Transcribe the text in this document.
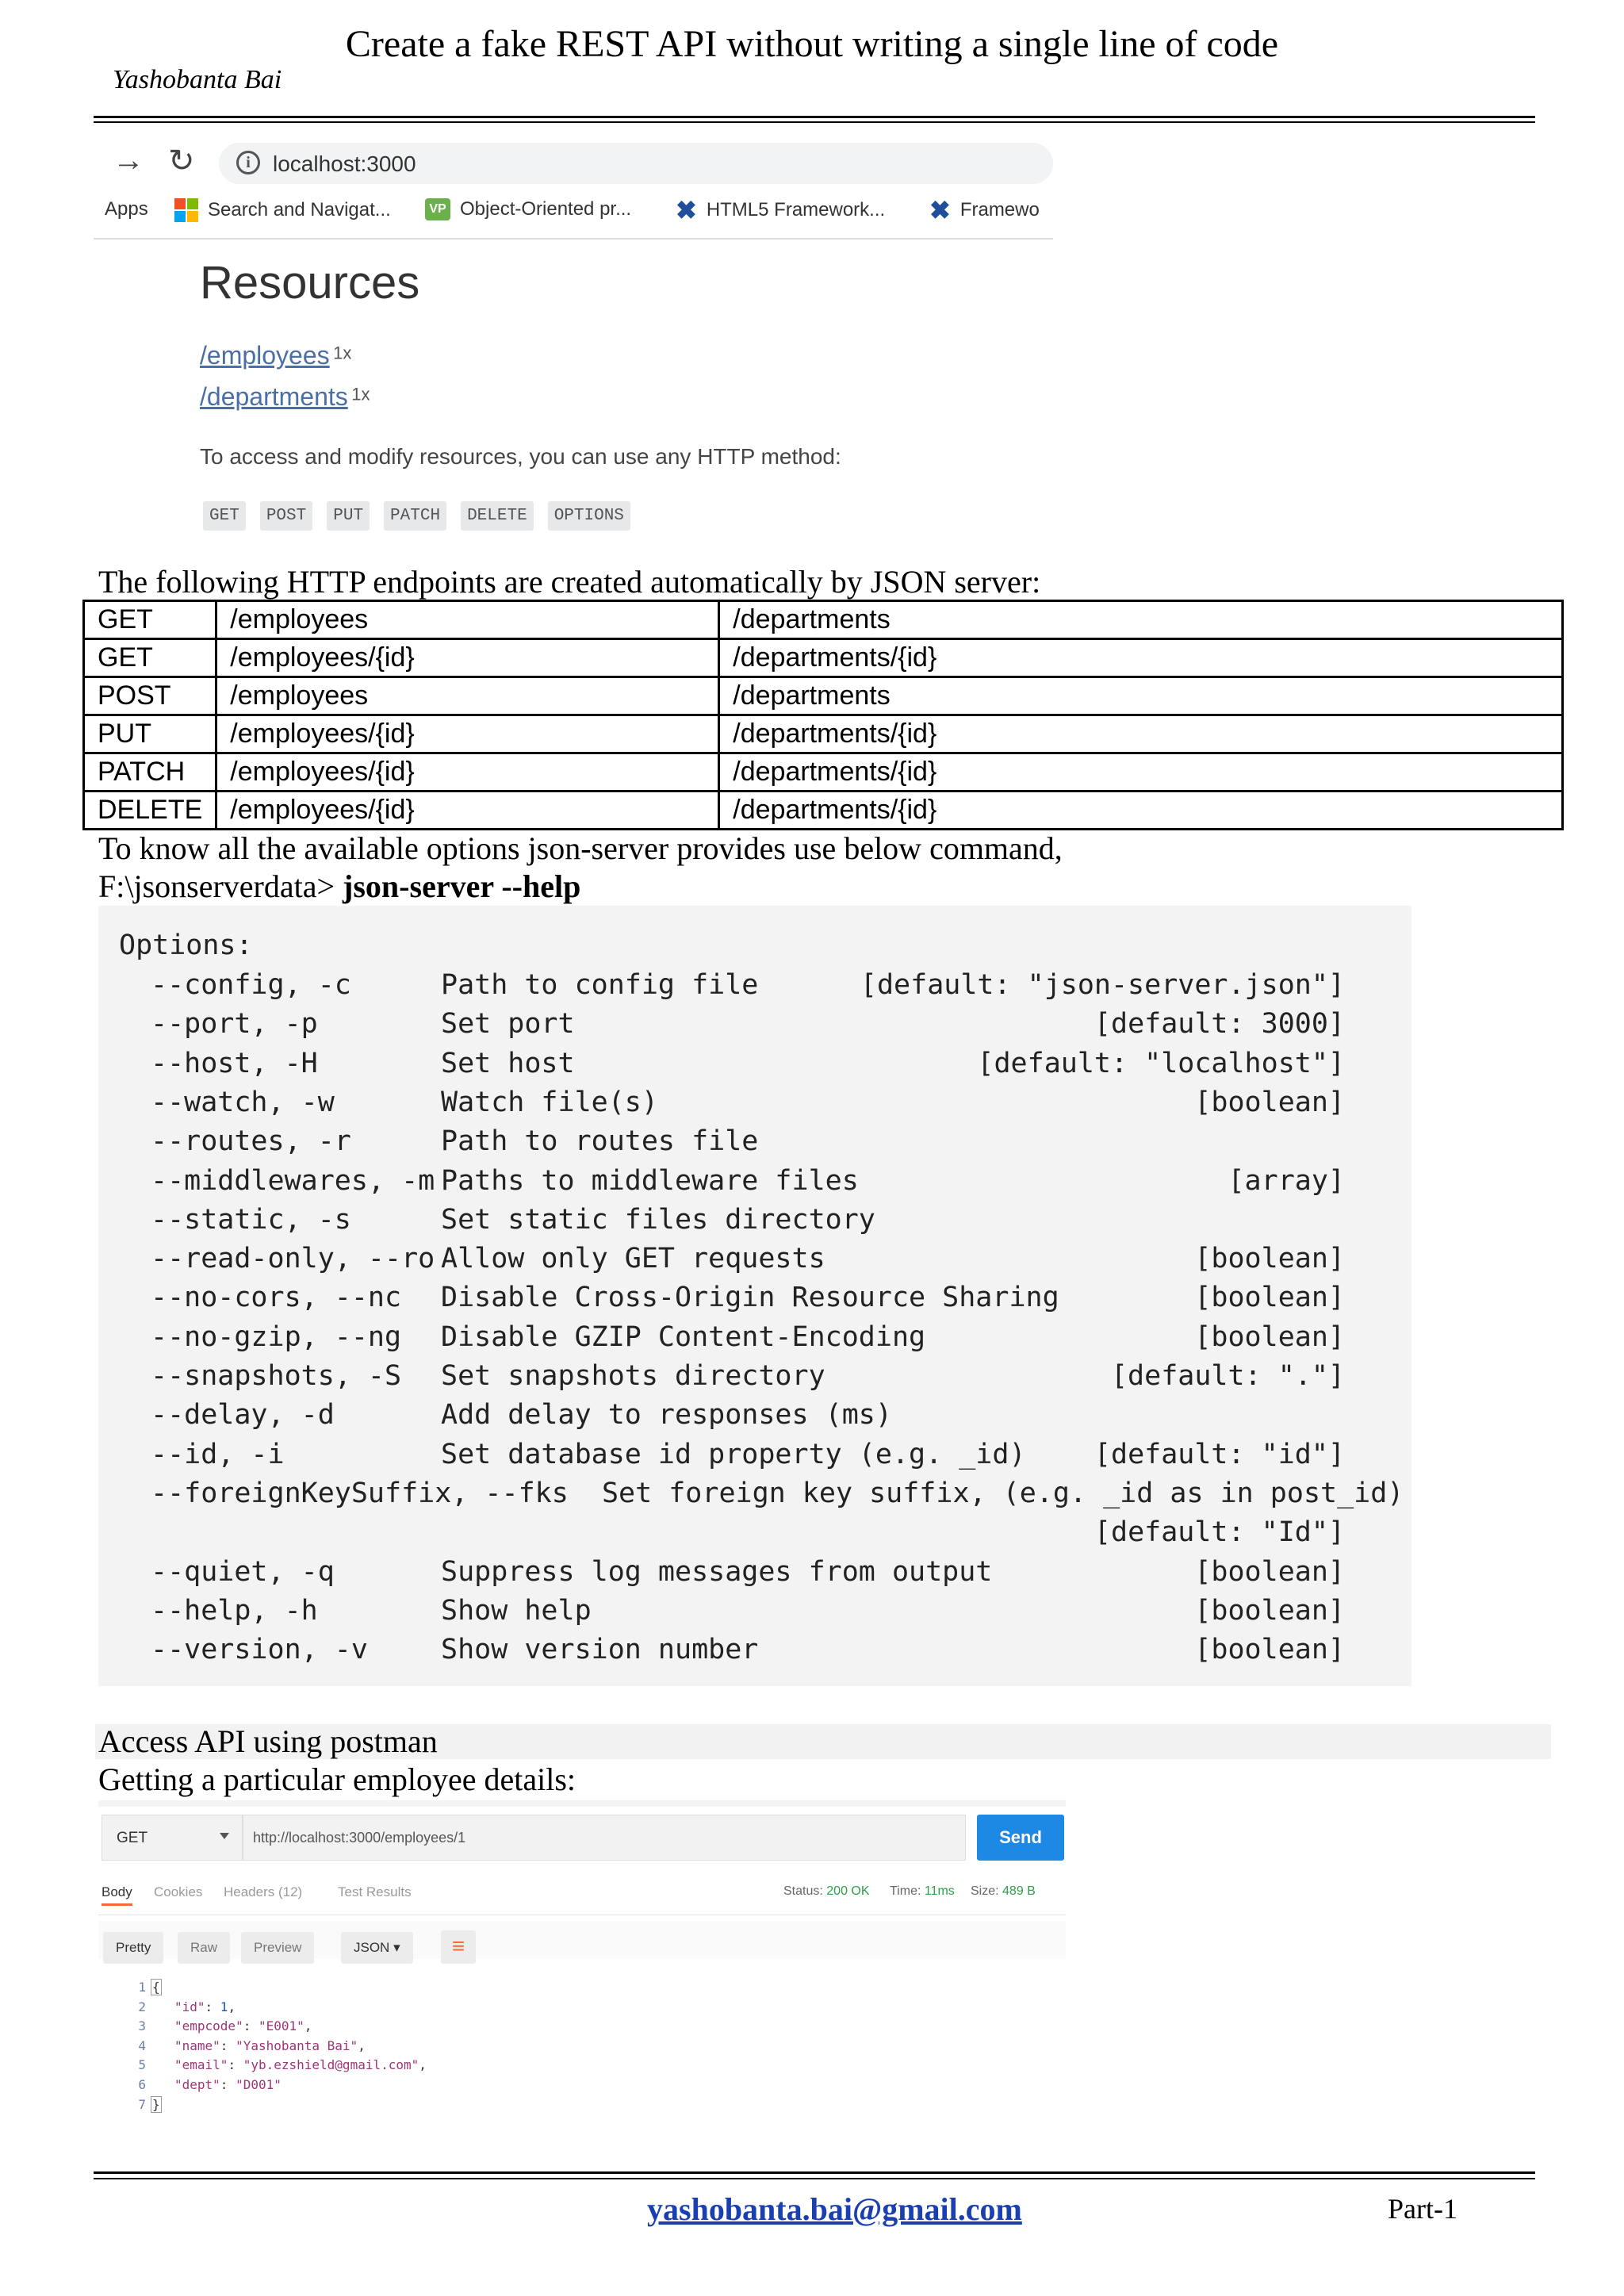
Create a fake REST API without writing a single line of code
Yashobanta Bai
→ ↻	i	localhost:3000
Apps	Search and Navigat...	VP Object-Oriented pr... ✖ HTML5 Framework... ✖ Framewo
Resources
/employees $^{1x}$
/departments $^{1x}$
To access and modify resources, you can use any HTTP method:
GET	POST	PUT	PATCH	DELETE	OPTIONS
The following HTTP endpoints are created automatically by JSON server:
GET	/employees	/departments
GET	/employees/{id}	/departments/{id}
POST	/employees	/departments
PUT	/employees/{id}	/departments/{id}
PATCH	/employees/{id}	/departments/{id}
DELETE	/employees/{id}	/departments/{id}
To know all the available options json-server provides use below command,
F:\jsonserverdata> json-server --help
Options:
--config, -c	Path to config file	[default: "json-server.json"]
--port, -p	Set port	[default: 3000]
--host, -H	Set host	[default: "localhost"]
--watch, -w	Watch file(s)	[boolean]
--routes, -r	Path to routes file
--middlewares, -m Paths to middleware files	[array]
--static, -s	Set static files directory
--read-only, --ro Allow only GET requests	[boolean]
--no-cors, --nc Disable Cross-Origin Resource Sharing	[boolean]
--no-gzip, --ng Disable GZIP Content-Encoding	[boolean]
--snapshots, -S Set snapshots directory	[default: "."]
--delay, -d	Add delay to responses (ms)
--id, -i	Set database id property (e.g. _id) [default: "id"]
--foreignKeySuffix, --fks  Set foreign key suffix, (e.g. _id as in post_id)
[default: "Id"]
--quiet, -q	Suppress log messages from output	[boolean]
--help, -h	Show help	[boolean]
--version, -v	Show version number	[boolean]
Access API using postman
Getting a particular employee details:
GET	http://localhost:3000/employees/1	Send
Body Cookies Headers (12)	Test Results	Status: 200 OK Time: 11ms Size: 489 B
Pretty	Raw	Preview	JSON ▾	≡
1 {
2 "id": 1,
3 "empcode": "E001",
4 "name": "Yashobanta Bai",
5 "email": "yb.ezshield@gmail.com",
6 "dept": "D001"
7 }
yashobanta.bai@gmail.com	Part-1
